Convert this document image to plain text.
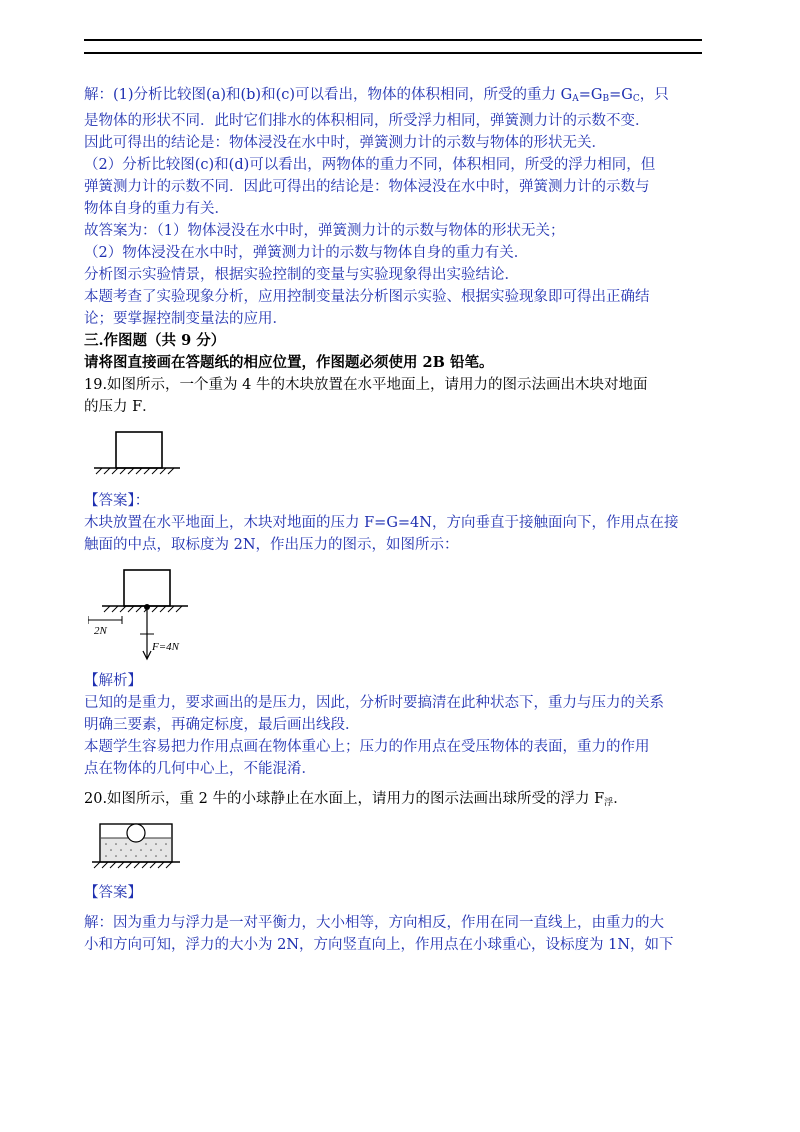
解：(1)分析比较图(a)和(b)和(c)可以看出，物体的体积相同，所受的重力 $G_A=G_B=G_C$，只

是物体的形状不同．此时它们排水的体积相同，所受浮力相同，弹簧测力计的示数不变．

因此可得出的结论是：物体浸没在水中时，弹簧测力计的示数与物体的形状无关．

（2）分析比较图(c)和(d)可以看出，两物体的重力不同，体积相同，所受的浮力相同，但

弹簧测力计的示数不同．因此可得出的结论是：物体浸没在水中时，弹簧测力计的示数与

物体自身的重力有关．

故答案为：（1）物体浸没在水中时，弹簧测力计的示数与物体的形状无关；

（2）物体浸没在水中时，弹簧测力计的示数与物体自身的重力有关．

分析图示实验情景，根据实验控制的变量与实验现象得出实验结论．

本题考查了实验现象分析，应用控制变量法分析图示实验、根据实验现象即可得出正确结

论；要掌握控制变量法的应用．

三.作图题（共 9 分）

请将图直接画在答题纸的相应位置，作图题必须使用 2B 铅笔。

19.如图所示，一个重为 4 牛的木块放置在水平地面上，请用力的图示法画出木块对地面

的压力 F．

【答案】：

木块放置在水平地面上，木块对地面的压力 F=G=4N，方向垂直于接触面向下，作用点在接

触面的中点，取标度为 2N，作出压力的图示，如图所示：

2N
F=4N

【解析】

已知的是重力，要求画出的是压力，因此，分析时要搞清在此种状态下，重力与压力的关系

明确三要素，再确定标度，最后画出线段．

本题学生容易把力作用点画在物体重心上；压力的作用点在受压物体的表面，重力的作用

点在物体的几何中心上，不能混淆．

20.如图所示，重 2 牛的小球静止在水面上，请用力的图示法画出球所受的浮力 $F_浮$．

【答案】

解：因为重力与浮力是一对平衡力，大小相等，方向相反，作用在同一直线上，由重力的大

小和方向可知，浮力的大小为 2N，方向竖直向上，作用点在小球重心，设标度为 1N，如下
